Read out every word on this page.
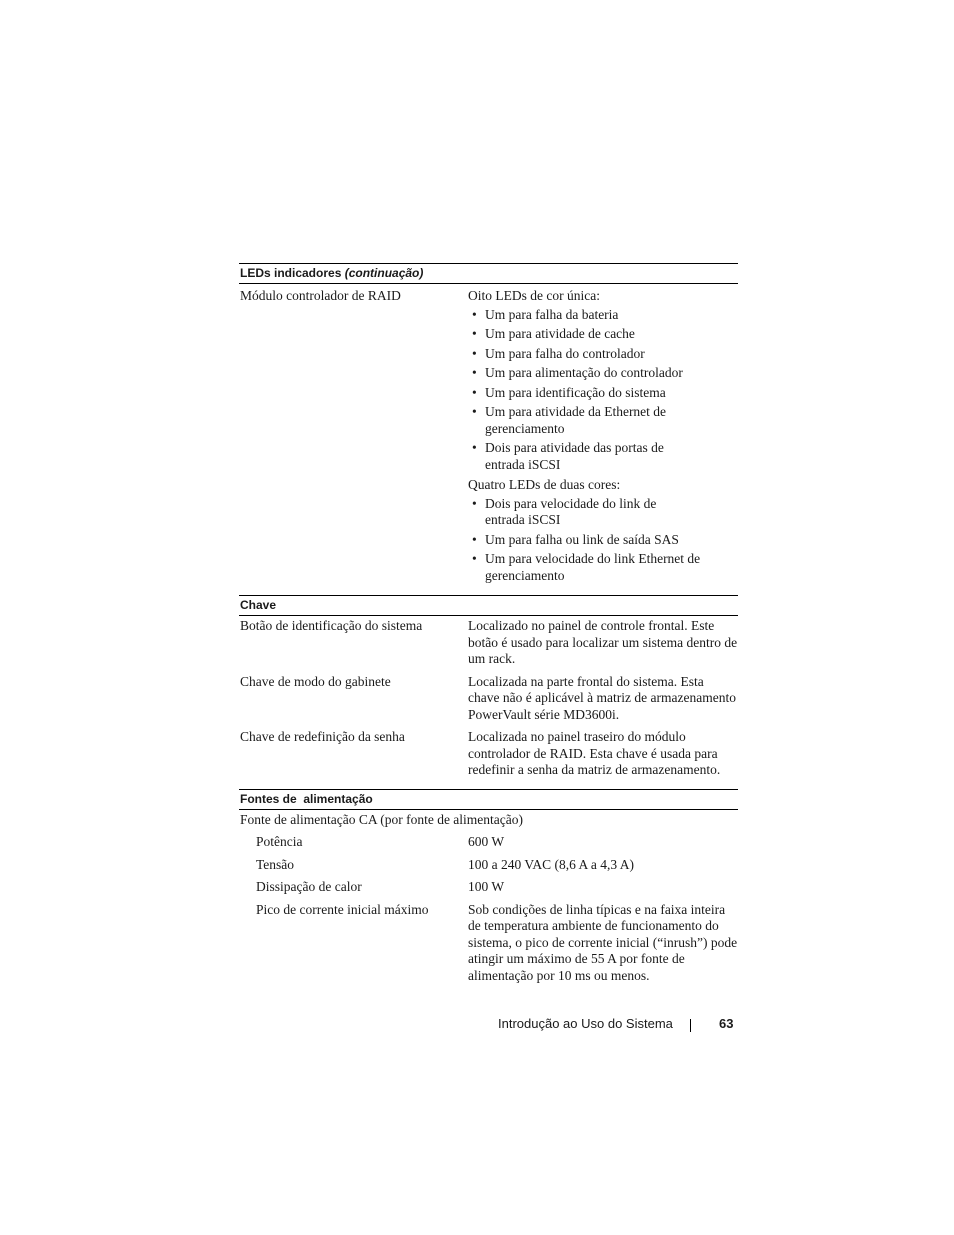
LEDs indicadores (continuação)
Módulo controlador de RAID	Oito LEDs de cor única:
• Um para falha da bateria
• Um para atividade de cache
• Um para falha do controlador
• Um para alimentação do controlador
• Um para identificação do sistema
• Um para atividade da Ethernet de gerenciamento
• Dois para atividade das portas de entrada iSCSI
Quatro LEDs de duas cores:
• Dois para velocidade do link de entrada iSCSI
• Um para falha ou link de saída SAS
• Um para velocidade do link Ethernet de gerenciamento
Chave
Botão de identificação do sistema	Localizado no painel de controle frontal. Este botão é usado para localizar um sistema dentro de um rack.
Chave de modo do gabinete	Localizada na parte frontal do sistema. Esta chave não é aplicável à matriz de armazenamento PowerVault série MD3600i.
Chave de redefinição da senha	Localizada no painel traseiro do módulo controlador de RAID. Esta chave é usada para redefinir a senha da matriz de armazenamento.
Fontes de  alimentação
Fonte de alimentação CA (por fonte de alimentação)
Potência	600 W
Tensão	100 a 240 VAC (8,6 A a 4,3 A)
Dissipação de calor	100 W
Pico de corrente inicial máximo	Sob condições de linha típicas e na faixa inteira de temperatura ambiente de funcionamento do sistema, o pico de corrente inicial (“inrush”) pode atingir um máximo de 55 A por fonte de alimentação por 10 ms ou menos.
Introdução ao Uso do Sistema	63
